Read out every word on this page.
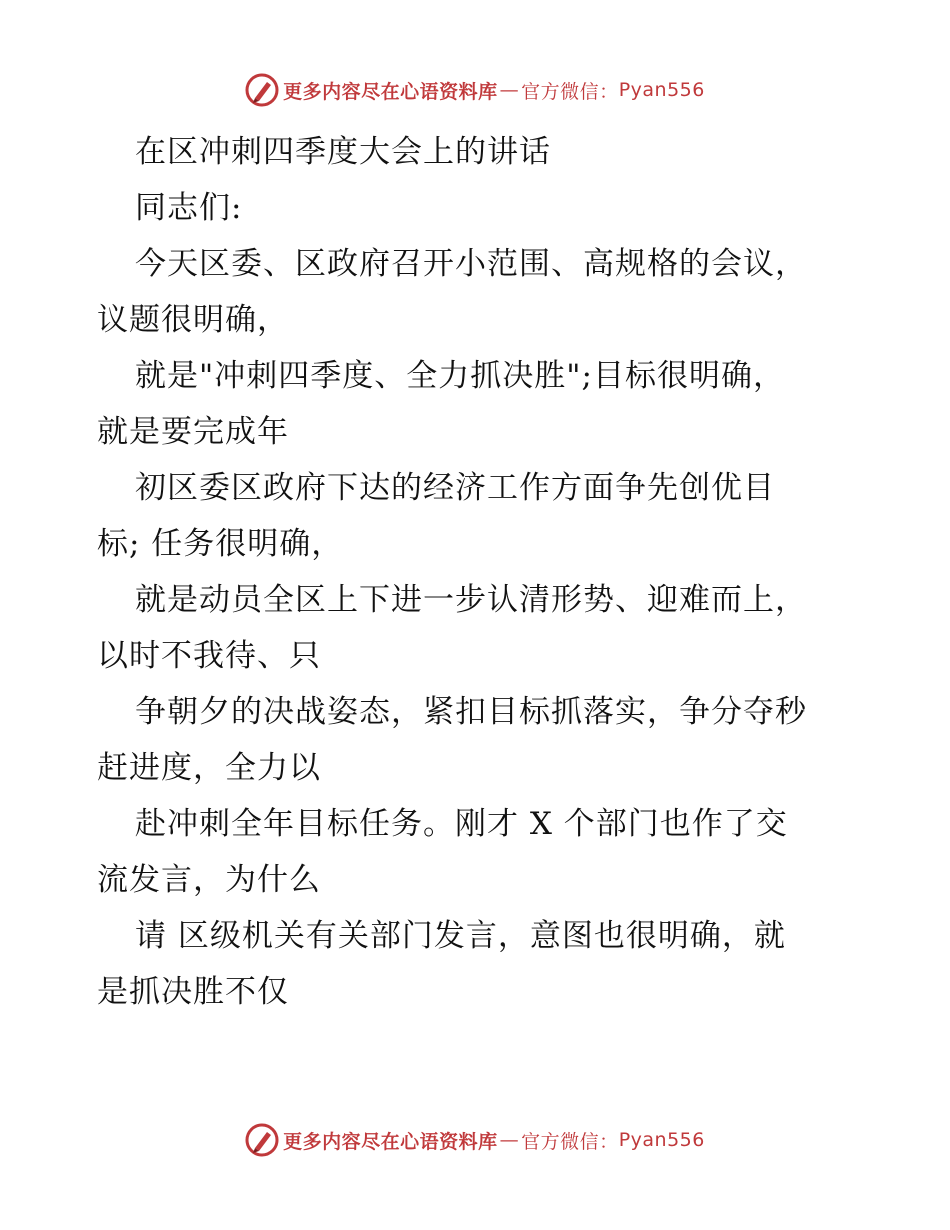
更多内容尽在心语资料库 — 官方微信： Pyan556

在区冲刺四季度大会上的讲话

同志们:

今天区委、区政府召开小范围、高规格的会议，
议题很明确，

就是"冲刺四季度、全力抓决胜";目标很明确，
就是要完成年

初区委区政府下达的经济工作方面争先创优目
标; 任务很明确，

就是动员全区上下进一步认清形势、迎难而上，
以时不我待、只

争朝夕的决战姿态，紧扣目标抓落实，争分夺秒
赶进度，全力以

赴冲刺全年目标任务。刚才 X 个部门也作了交
流发言，为什么

请 区级机关有关部门发言，意图也很明确，就
是抓决胜不仅

更多内容尽在心语资料库 — 官方微信： Pyan556
